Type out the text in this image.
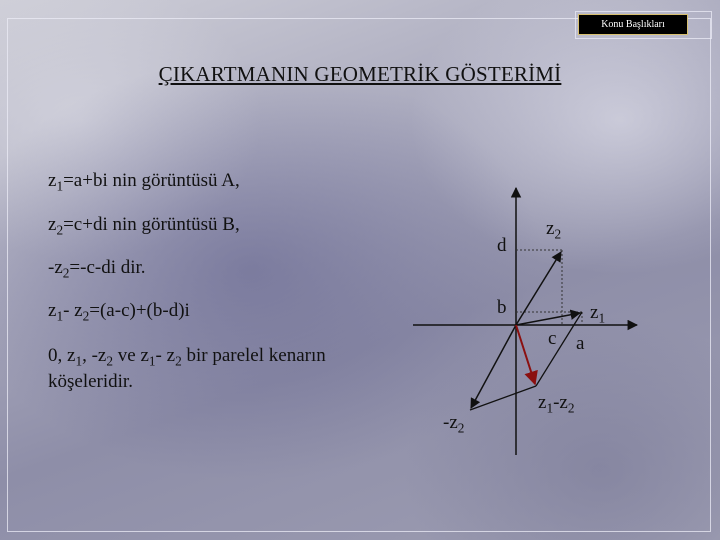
Konu Başlıkları
ÇIKARTMANIN GEOMETRİK GÖSTERİMİ
$z_1=a+bi$ nin görüntüsü A,
$z_2=c+di$ nin görüntüsü B,
$-z_2=-c-di$ dir.
$z_1-$ $z_2=(a-c)+(b-d)i$
0, $z_1$, $-z_2$ ve $z_1-$ $z_2$ bir parelel kenarın
köşeleridir.
d
b
c a
$z_2$
$z_1$
$-z_2$
$z_1-z_2$
